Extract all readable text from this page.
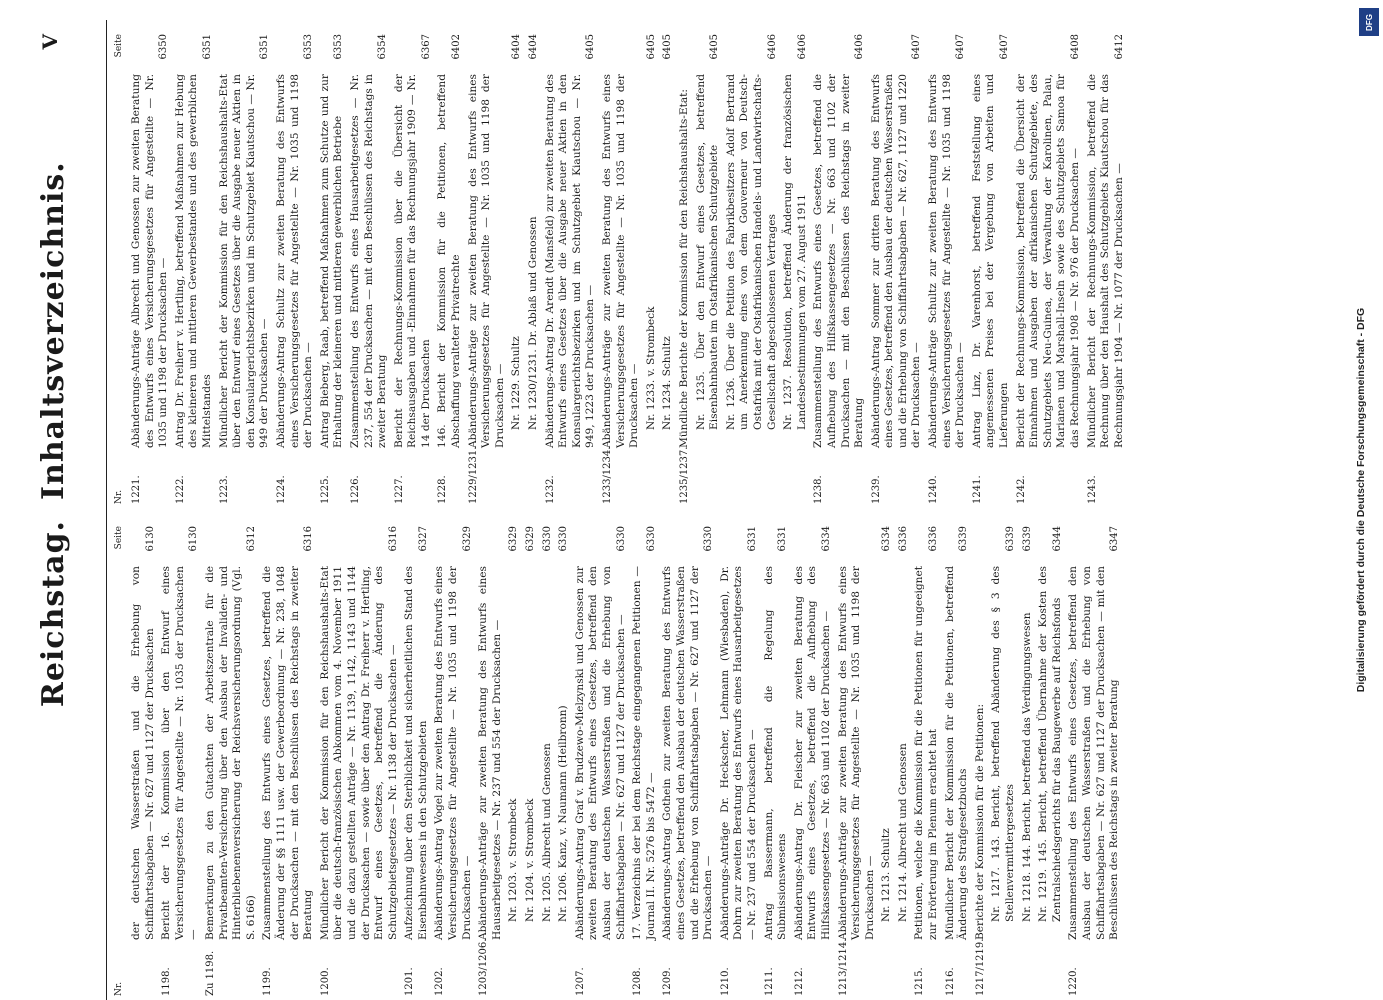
Reichstag.
Inhaltsverzeichnis.
V
Nr.
Seite
der deutschen Wasserstraßen und die Erhebung von Schiffahrtsabgaben — Nr. 627 und 1127 der Drucksachen
6130
1198.
Bericht der 16. Kommission über den Entwurf eines Versicherungsgesetzes für Angestellte — Nr. 1035 der Drucksachen —
6130
Zu 1198.
Bemerkungen zu den Gutachten der Arbeitszentrale für die Privatbeamten-Versicherung über den Ausbau der Invaliden- und Hinterbliebenenversicherung der Reichsversicherungsordnung (Vgl. S. 6166)
6312
1199.
Zusammenstellung des Entwurfs eines Gesetzes, betreffend die Änderung der §§ 1111 usw. der Gewerbeordnung — Nr. 238, 1048 der Drucksachen — mit den Beschlüssen des Reichstags in zweiter Beratung
6316
1200.
Mündlicher Bericht der Kommission für den Reichshaushalts-Etat über die deutsch-französischen Abkommen vom 4. November 1911 und die dazu gestellten Anträge — Nr. 1139, 1142, 1143 und 1144 der Drucksachen — sowie über den Antrag Dr. Freiherr v. Hertling, Entwurf eines Gesetzes, betreffend die Änderung des Schutzgebietsgesetzes — Nr. 1138 der Drucksachen —
6316
1201.
Aufzeichnung über den Sterblichkeit und sicherheitlichen Stand des Eisenbahnwesens in den Schutzgebieten
6327
1202.
Abänderungs-Antrag Vogel zur zweiten Beratung des Entwurfs eines Versicherungsgesetzes für Angestellte — Nr. 1035 und 1198 der Drucksachen —
6329
1203/1206.
Abänderungs-Anträge zur zweiten Beratung des Entwurfs eines Hausarbeitgesetzes — Nr. 237 und 554 der Drucksachen — Nr. 1203. v. Strombeck
6329
Nr. 1204. v. Strombeck
6329
Nr. 1205. Albrecht und Genossen
6330
Nr. 1206. Kanz, v. Naumann (Heilbronn)
6330
1207.
Abänderungs-Antrag Graf v. Brudzewo-Mielzynski und Genossen zur zweiten Beratung des Entwurfs eines Gesetzes, betreffend den Ausbau der deutschen Wasserstraßen und die Erhebung von Schiffahrtsabgaben — Nr. 627 und 1127 der Drucksachen —
6330
1208.
17. Verzeichnis der bei dem Reichstage eingegangenen Petitionen — Journal II. Nr. 5276 bis 5472 —
6330
1209.
Abänderungs-Antrag Gothein zur zweiten Beratung des Entwurfs eines Gesetzes, betreffend den Ausbau der deutschen Wasserstraßen und die Erhebung von Schiffahrtsabgaben — Nr. 627 und 1127 der Drucksachen —
6330
1210.
Abänderungs-Anträge Dr. Heckscher, Lehmann (Wiesbaden), Dr. Dohrn zur zweiten Beratung des Entwurfs eines Hausarbeitgesetzes — Nr. 237 und 554 der Drucksachen —
6331
1211.
Antrag Bassermann, betreffend die Regelung des Submissionswesens
6331
1212.
Abänderungs-Antrag Dr. Fleischer zur zweiten Beratung des Entwurfs eines Gesetzes, betreffend die Aufhebung des Hilfskassengesetzes — Nr. 663 und 1102 der Drucksachen —
6334
1213/1214.
Abänderungs-Anträge zur zweiten Beratung des Entwurfs eines Versicherungsgesetzes für Angestellte — Nr. 1035 und 1198 der Drucksachen — Nr. 1213. Schultz
6334
Nr. 1214. Albrecht und Genossen
6336
1215.
Petitionen, welche die Kommission für die Petitionen für ungeeignet zur Erörterung im Plenum erachtet hat
6336
1216.
Mündlicher Bericht der Kommission für die Petitionen, betreffend Änderung des Strafgesetzbuchs
6339
1217/1219.
Berichte der Kommission für die Petitionen: Nr. 1217. 143. Bericht, betreffend Abänderung des § 3 des Stellenvermittlergesetzes
6339
Nr. 1218. 144. Bericht, betreffend das Verdingungswesen
6339
Nr. 1219. 145. Bericht, betreffend Übernahme der Kosten des Zentralschiedsgerichts für das Baugewerbe auf Reichsfonds
6344
1220.
Zusammenstellung des Entwurfs eines Gesetzes, betreffend den Ausbau der deutschen Wasserstraßen und die Erhebung von Schiffahrtsabgaben — Nr. 627 und 1127 der Drucksachen — mit den Beschlüssen des Reichstags in zweiter Beratung
6347
Nr.
Seite
1221.
Abänderungs-Anträge Albrecht und Genossen zur zweiten Beratung des Entwurfs eines Versicherungsgesetzes für Angestellte — Nr. 1035 und 1198 der Drucksachen —
6350
1222.
Antrag Dr. Freiherr v. Hertling, betreffend Maßnahmen zur Hebung des kleineren und mittleren Gewerbestandes und des gewerblichen Mittelstandes
6351
1223.
Mündlicher Bericht der Kommission für den Reichshaushalts-Etat über den Entwurf eines Gesetzes über die Ausgabe neuer Aktien in den Konsulargerichtsbezirken und im Schutzgebiet Kiautschou — Nr. 949 der Drucksachen —
6351
1224.
Abänderungs-Antrag Schultz zur zweiten Beratung des Entwurfs eines Versicherungsgesetzes für Angestellte — Nr. 1035 und 1198 der Drucksachen —
6353
1225.
Antrag Bieberg, Raab, betreffend Maßnahmen zum Schutze und zur Erhaltung der kleineren und mittleren gewerblichen Betriebe
6353
1226.
Zusammenstellung des Entwurfs eines Hausarbeitgesetzes — Nr. 237, 554 der Drucksachen — mit den Beschlüssen des Reichstags in zweiter Beratung
6354
1227.
Bericht der Rechnungs-Kommission über die Übersicht der Reichsausgaben und -Einnahmen für das Rechnungsjahr 1909 — Nr. 14 der Drucksachen
6367
1228.
146. Bericht der Kommission für die Petitionen, betreffend Abschaffung veralteter Privatrechte
6402
1229/1231.
Abänderungs-Anträge zur zweiten Beratung des Entwurfs eines Versicherungsgesetzes für Angestellte — Nr. 1035 und 1198 der Drucksachen — Nr. 1229. Schultz
6404
Nr. 1230/1231. Dr. Ablaß und Genossen
6404
1232.
Abänderungs-Antrag Dr. Arendt (Mansfeld) zur zweiten Beratung des Entwurfs eines Gesetzes über die Ausgabe neuer Aktien in den Konsulargerichtsbezirken und im Schutzgebiet Kiautschou — Nr. 949, 1223 der Drucksachen —
6405
1233/1234.
Abänderungs-Anträge zur zweiten Beratung des Entwurfs eines Versicherungsgesetzes für Angestellte — Nr. 1035 und 1198 der Drucksachen — Nr. 1233. v. Strombeck
6405
Nr. 1234. Schultz
6405
1235/1237.
Mündliche Berichte der Kommission für den Reichshaushalts-Etat: Nr. 1235. Über den Entwurf eines Gesetzes, betreffend Eisenbahnbauten im Ostafrikanischen Schutzgebiete
6405
Nr. 1236. Über die Petition des Fabrikbesitzers Adolf Bertrand um Anerkennung eines von dem Gouverneur von Deutsch-Ostafrika mit der Ostafrikanischen Handels- und Landwirtschafts-Gesellschaft abgeschlossenen Vertrages
6406
Nr. 1237. Resolution, betreffend Änderung der französischen Landesbestimmungen vom 27. August 1911
6406
1238.
Zusammenstellung des Entwurfs eines Gesetzes, betreffend die Aufhebung des Hilfskassengesetzes — Nr. 663 und 1102 der Drucksachen — mit den Beschlüssen des Reichstags in zweiter Beratung
6406
1239.
Abänderungs-Antrag Sommer zur dritten Beratung des Entwurfs eines Gesetzes, betreffend den Ausbau der deutschen Wasserstraßen und die Erhebung von Schiffahrtsabgaben — Nr. 627, 1127 und 1220 der Drucksachen —
6407
1240.
Abänderungs-Anträge Schultz zur zweiten Beratung des Entwurfs eines Versicherungsgesetzes für Angestellte — Nr. 1035 und 1198 der Drucksachen —
6407
1241.
Antrag Linz, Dr. Varenhorst, betreffend Feststellung eines angemessenen Preises bei der Vergebung von Arbeiten und Lieferungen
6407
1242.
Bericht der Rechnungs-Kommission, betreffend die Übersicht der Einnahmen und Ausgaben der afrikanischen Schutzgebiete, des Schutzgebiets Neu-Guinea, der Verwaltung der Karolinen, Palau, Marianen und Marshall-Inseln sowie des Schutzgebiets Samoa für das Rechnungsjahr 1908 — Nr. 976 der Drucksachen —
6408
1243.
Mündlicher Bericht der Rechnungs-Kommission, betreffend die Rechnung über den Haushalt des Schutzgebiets Kiautschou für das Rechnungsjahr 1904 — Nr. 1077 der Drucksachen —
6412
Digitalisierung gefördert durch die Deutsche Forschungsgemeinschaft - DFG
DFG
